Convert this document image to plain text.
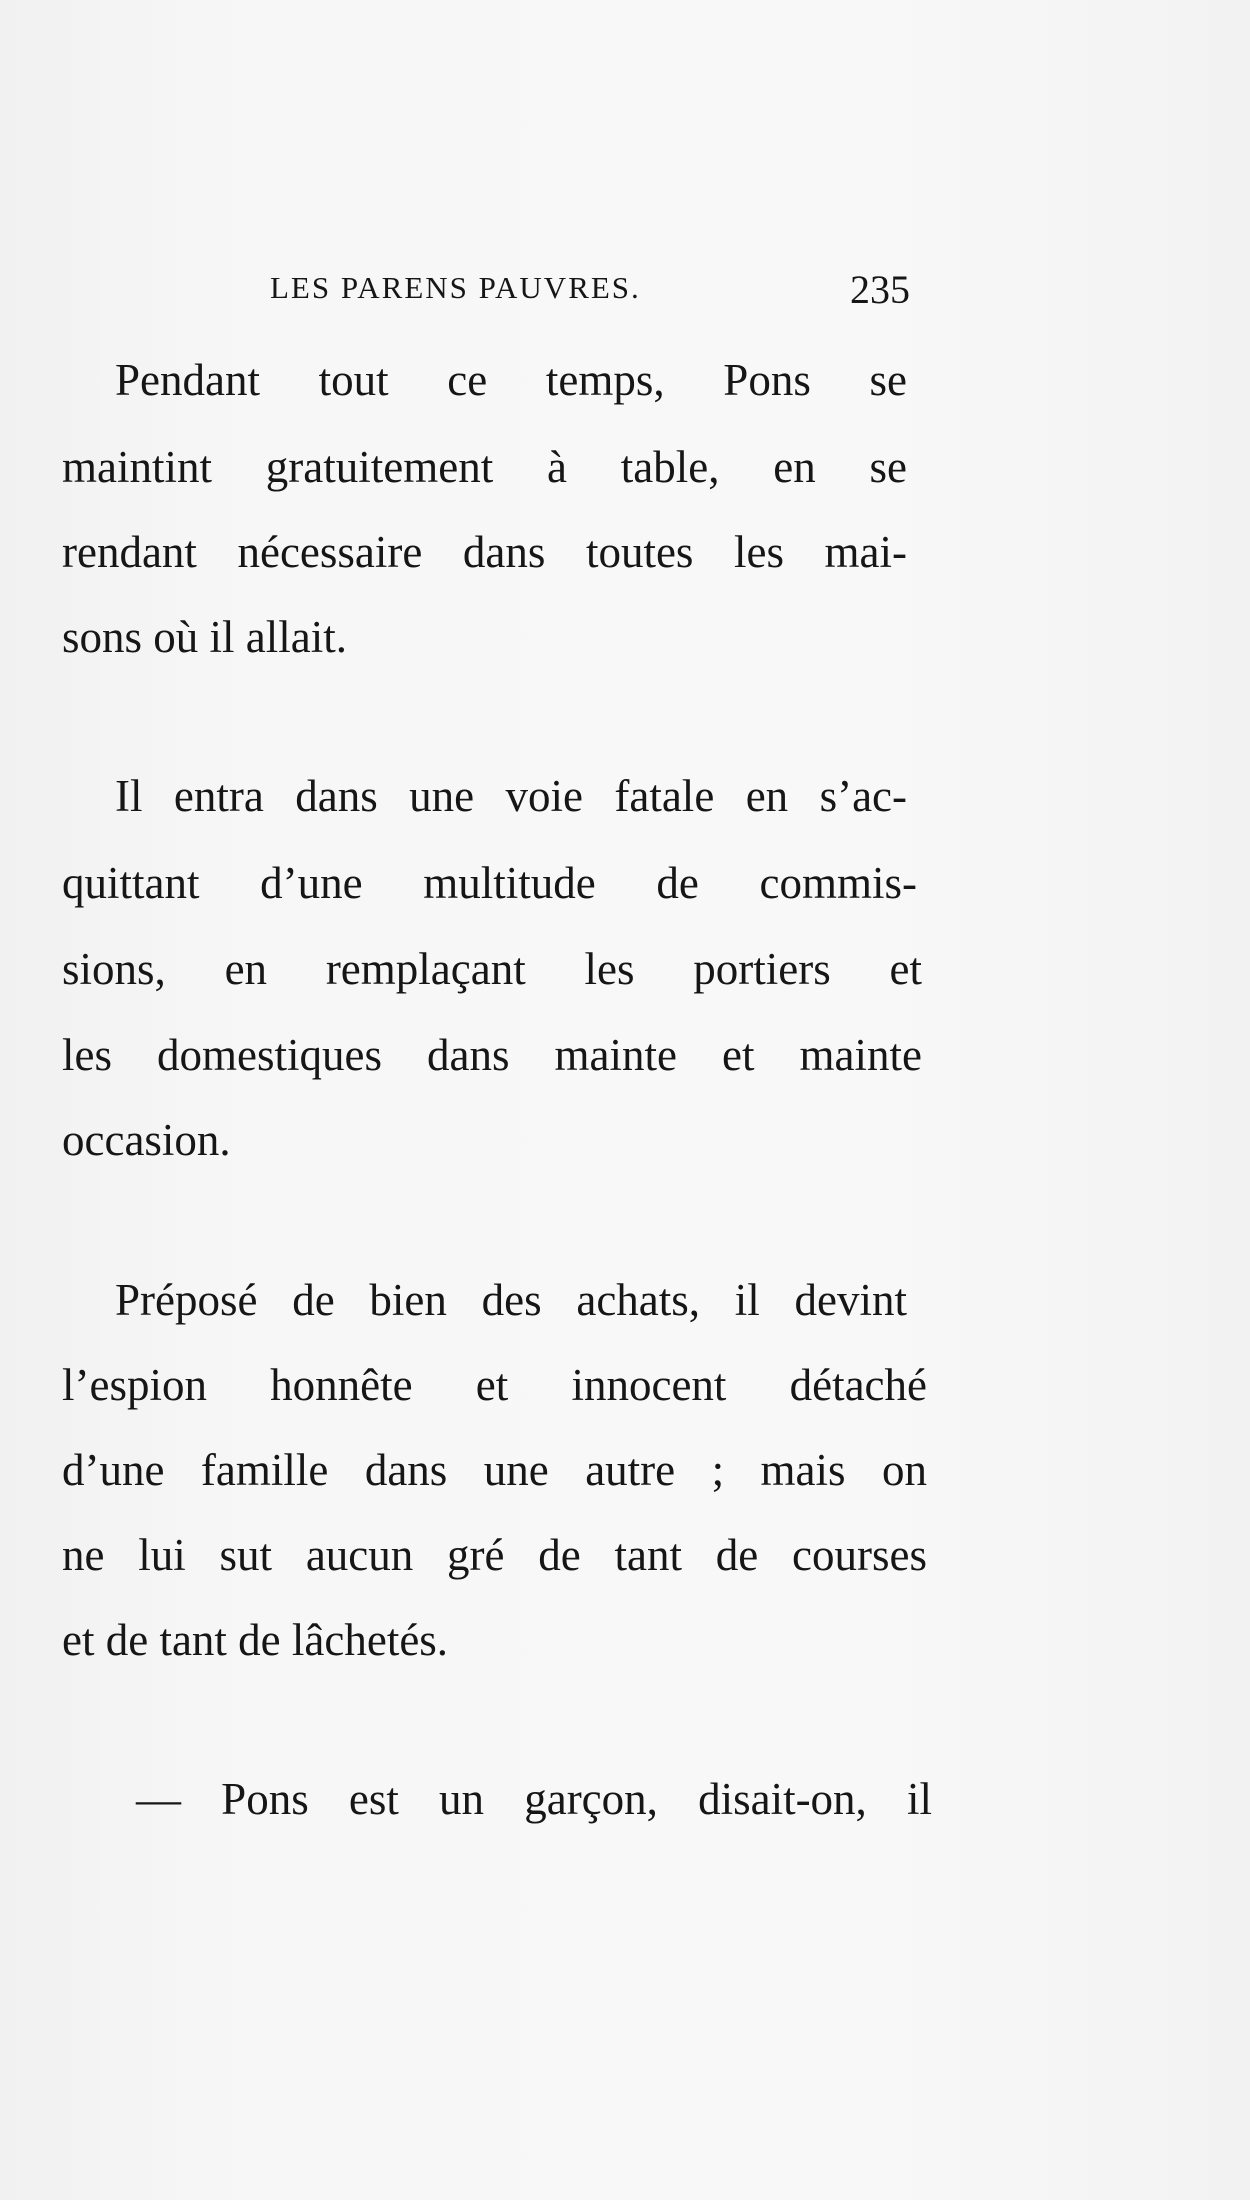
LES PARENS PAUVRES.	235
Pendant tout ce temps, Pons se
maintint gratuitement à table, en se
rendant nécessaire dans toutes les mai-
sons où il allait.
Il entra dans une voie fatale en s’ac-
quittant d’une multitude de commis-
sions, en remplaçant les portiers et
les domestiques dans mainte et mainte
occasion.
Préposé de bien des achats, il devint
l’espion honnête et innocent détaché
d’une famille dans une autre ; mais on
ne lui sut aucun gré de tant de courses
et de tant de lâchetés.
— Pons est un garçon, disait-on, il
